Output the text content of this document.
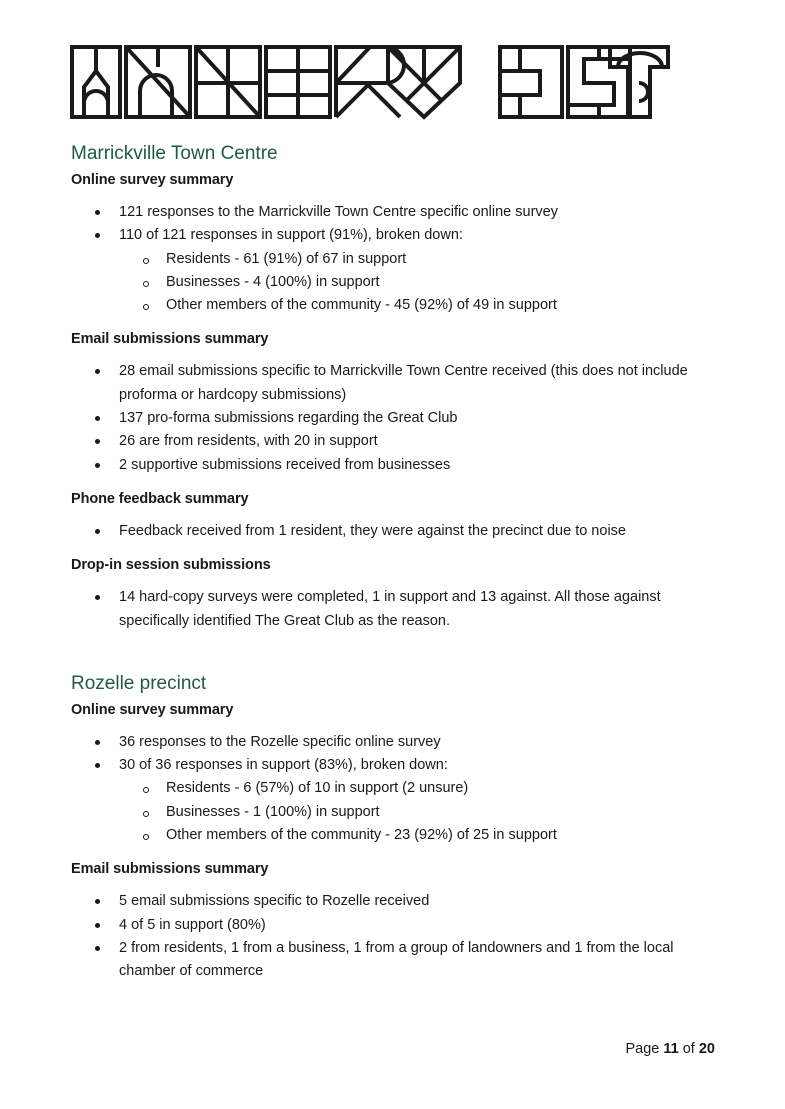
Marrickville Town Centre
Online survey summary
121 responses to the Marrickville Town Centre specific online survey
110 of 121 responses in support (91%), broken down:
Residents - 61 (91%) of 67 in support
Businesses - 4 (100%) in support
Other members of the community - 45 (92%) of 49 in support
Email submissions summary
28 email submissions specific to Marrickville Town Centre received (this does not include proforma or hardcopy submissions)
137 pro-forma submissions regarding the Great Club
26 are from residents, with 20 in support
2 supportive submissions received from businesses
Phone feedback summary
Feedback received from 1 resident, they were against the precinct due to noise
Drop-in session submissions
14 hard-copy surveys were completed, 1 in support and 13 against. All those against specifically identified The Great Club as the reason.
Rozelle precinct
Online survey summary
36 responses to the Rozelle specific online survey
30 of 36 responses in support (83%), broken down:
Residents - 6 (57%) of 10 in support (2 unsure)
Businesses - 1 (100%) in support
Other members of the community - 23 (92%) of 25 in support
Email submissions summary
5 email submissions specific to Rozelle received
4 of 5 in support (80%)
2 from residents, 1 from a business, 1 from a group of landowners and 1 from the local chamber of commerce
Page 11 of 20
